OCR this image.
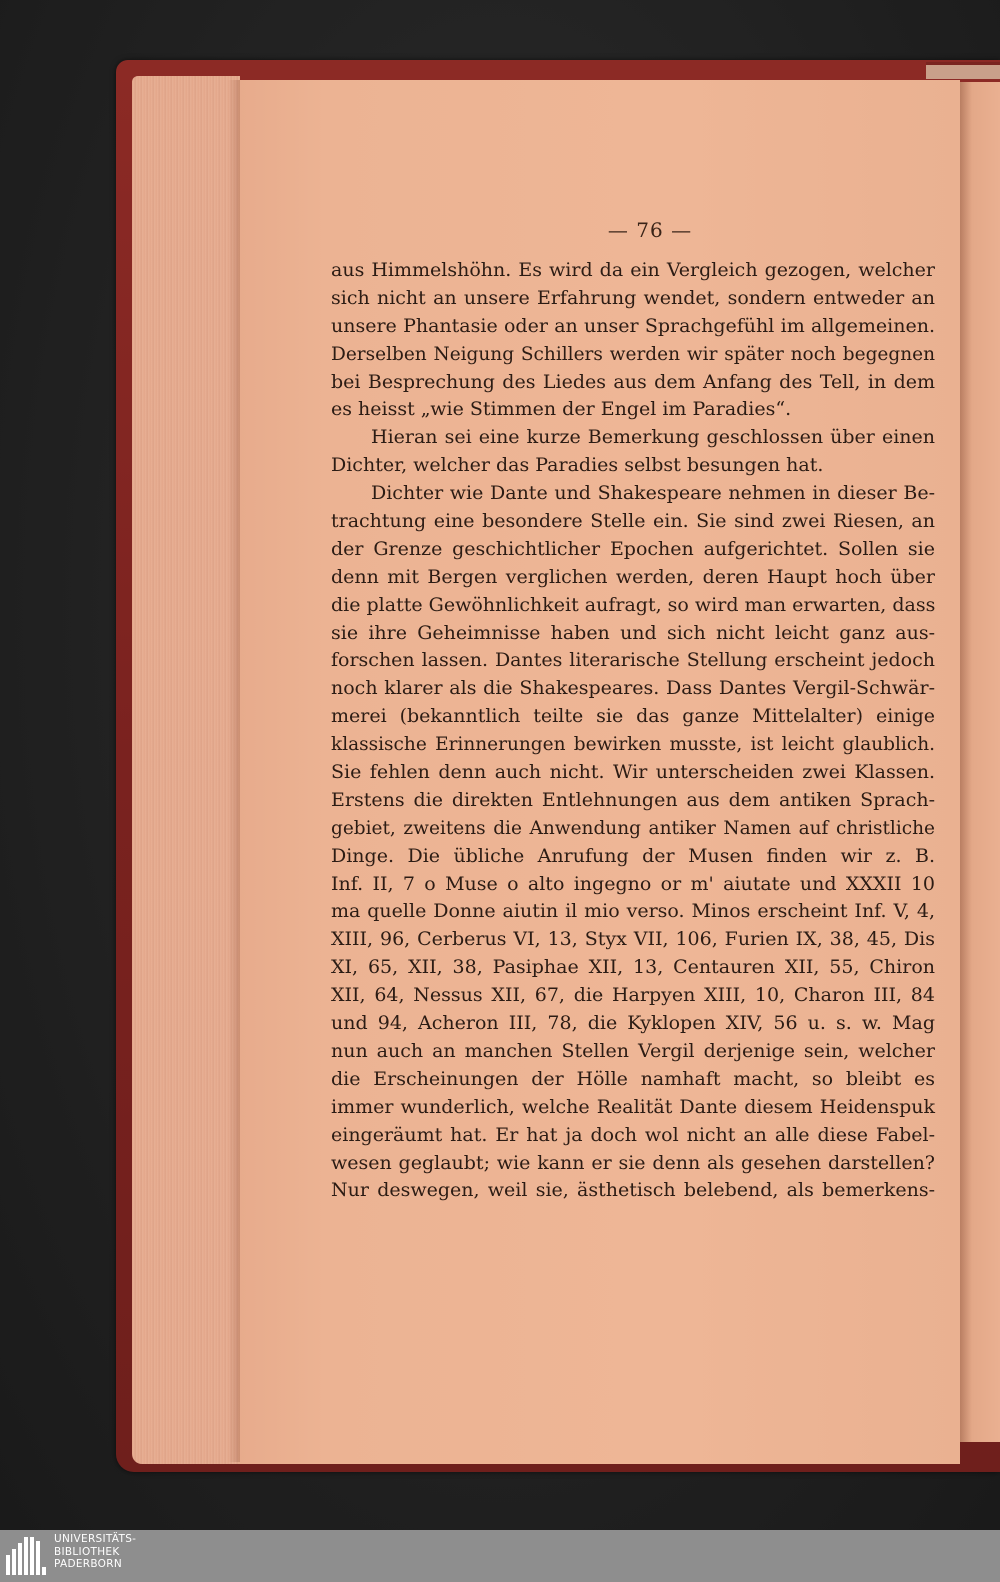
— 76 —
aus Himmelshöhn. Es wird da ein Vergleich gezogen, welcher
sich nicht an unsere Erfahrung wendet, sondern entweder an
unsere Phantasie oder an unser Sprachgefühl im allgemeinen.
Derselben Neigung Schillers werden wir später noch begegnen
bei Besprechung des Liedes aus dem Anfang des Tell, in dem
es heisst „wie Stimmen der Engel im Paradies“.
Hieran sei eine kurze Bemerkung geschlossen über einen
Dichter, welcher das Paradies selbst besungen hat.
Dichter wie Dante und Shakespeare nehmen in dieser Be-
trachtung eine besondere Stelle ein. Sie sind zwei Riesen, an
der Grenze geschichtlicher Epochen aufgerichtet. Sollen sie
denn mit Bergen verglichen werden, deren Haupt hoch über
die platte Gewöhnlichkeit aufragt, so wird man erwarten, dass
sie ihre Geheimnisse haben und sich nicht leicht ganz aus-
forschen lassen. Dantes literarische Stellung erscheint jedoch
noch klarer als die Shakespeares. Dass Dantes Vergil-Schwär-
merei (bekanntlich teilte sie das ganze Mittelalter) einige
klassische Erinnerungen bewirken musste, ist leicht glaublich.
Sie fehlen denn auch nicht. Wir unterscheiden zwei Klassen.
Erstens die direkten Entlehnungen aus dem antiken Sprach-
gebiet, zweitens die Anwendung antiker Namen auf christliche
Dinge. Die übliche Anrufung der Musen finden wir z. B.
Inf. II, 7 o Muse o alto ingegno or m' aiutate und XXXII 10
ma quelle Donne aiutin il mio verso. Minos erscheint Inf. V, 4,
XIII, 96, Cerberus VI, 13, Styx VII, 106, Furien IX, 38, 45, Dis
XI, 65, XII, 38, Pasiphae XII, 13, Centauren XII, 55, Chiron
XII, 64, Nessus XII, 67, die Harpyen XIII, 10, Charon III, 84
und 94, Acheron III, 78, die Kyklopen XIV, 56 u. s. w. Mag
nun auch an manchen Stellen Vergil derjenige sein, welcher
die Erscheinungen der Hölle namhaft macht, so bleibt es
immer wunderlich, welche Realität Dante diesem Heidenspuk
eingeräumt hat. Er hat ja doch wol nicht an alle diese Fabel-
wesen geglaubt; wie kann er sie denn als gesehen darstellen?
Nur deswegen, weil sie, ästhetisch belebend, als bemerkens-
UNIVERSITÄTS-
BIBLIOTHEK
PADERBORN
